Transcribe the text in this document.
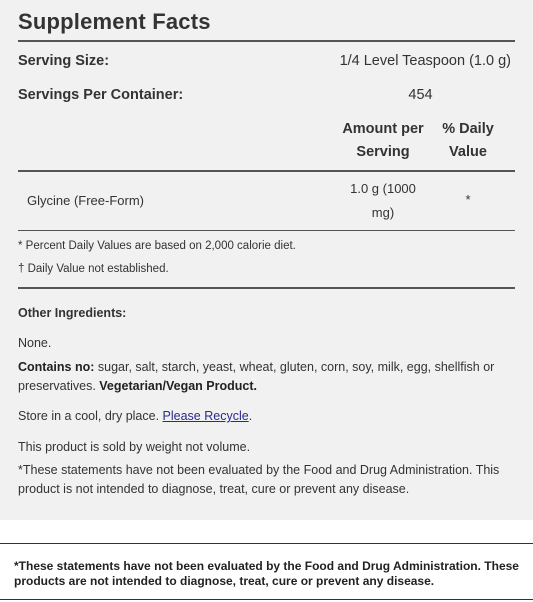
Supplement Facts
Serving Size:	1/4 Level Teaspoon (1.0 g)
Servings Per Container:	454
Amount per Serving
% Daily Value
Glycine (Free-Form)
1.0 g (1000 mg)
*
* Percent Daily Values are based on 2,000 calorie diet.
† Daily Value not established.
Other Ingredients:
None.
Contains no: sugar, salt, starch, yeast, wheat, gluten, corn, soy, milk, egg, shellfish or preservatives. Vegetarian/Vegan Product.
Store in a cool, dry place. Please Recycle.
This product is sold by weight not volume.
*These statements have not been evaluated by the Food and Drug Administration. This product is not intended to diagnose, treat, cure or prevent any disease.
*These statements have not been evaluated by the Food and Drug Administration. These products are not intended to diagnose, treat, cure or prevent any disease.
